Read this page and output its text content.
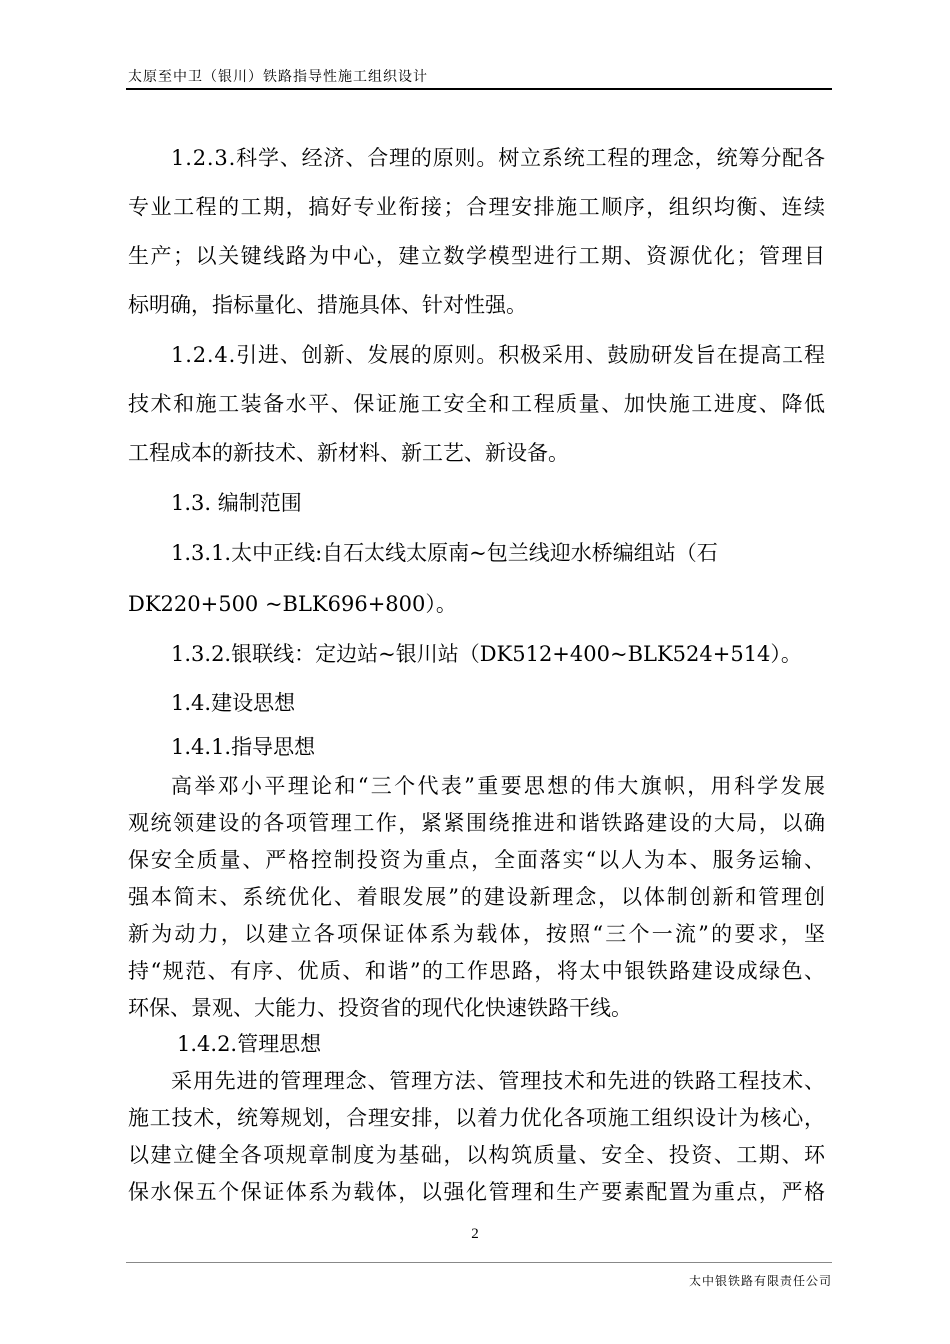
太原至中卫（银川）铁路指导性施工组织设计
1.2.3.科学、经济、合理的原则。树立系统工程的理念，统筹分配各
专业工程的工期，搞好专业衔接；合理安排施工顺序，组织均衡、连续
生产；以关键线路为中心，建立数学模型进行工期、资源优化；管理目
标明确，指标量化、措施具体、针对性强。
1.2.4.引进、创新、发展的原则。积极采用、鼓励研发旨在提高工程
技术和施工装备水平、保证施工安全和工程质量、加快施工进度、降低
工程成本的新技术、新材料、新工艺、新设备。
1.3. 编制范围
1.3.1.太中正线:自石太线太原南~包兰线迎水桥编组站（石
DK220+500 ~BLK696+800）。
1.3.2.银联线：定边站~银川站（DK512+400~BLK524+514）。
1.4.建设思想
1.4.1.指导思想
高举邓小平理论和“三个代表”重要思想的伟大旗帜，用科学发展
观统领建设的各项管理工作，紧紧围绕推进和谐铁路建设的大局，以确
保安全质量、严格控制投资为重点，全面落实“以人为本、服务运输、
强本简末、系统优化、着眼发展”的建设新理念，以体制创新和管理创
新为动力，以建立各项保证体系为载体，按照“三个一流”的要求，坚
持“规范、有序、优质、和谐”的工作思路，将太中银铁路建设成绿色、
环保、景观、大能力、投资省的现代化快速铁路干线。
1.4.2.管理思想
采用先进的管理理念、管理方法、管理技术和先进的铁路工程技术、
施工技术，统筹规划，合理安排，以着力优化各项施工组织设计为核心，
以建立健全各项规章制度为基础，以构筑质量、安全、投资、工期、环
保水保五个保证体系为载体，以强化管理和生产要素配置为重点，严格
2
太中银铁路有限责任公司
